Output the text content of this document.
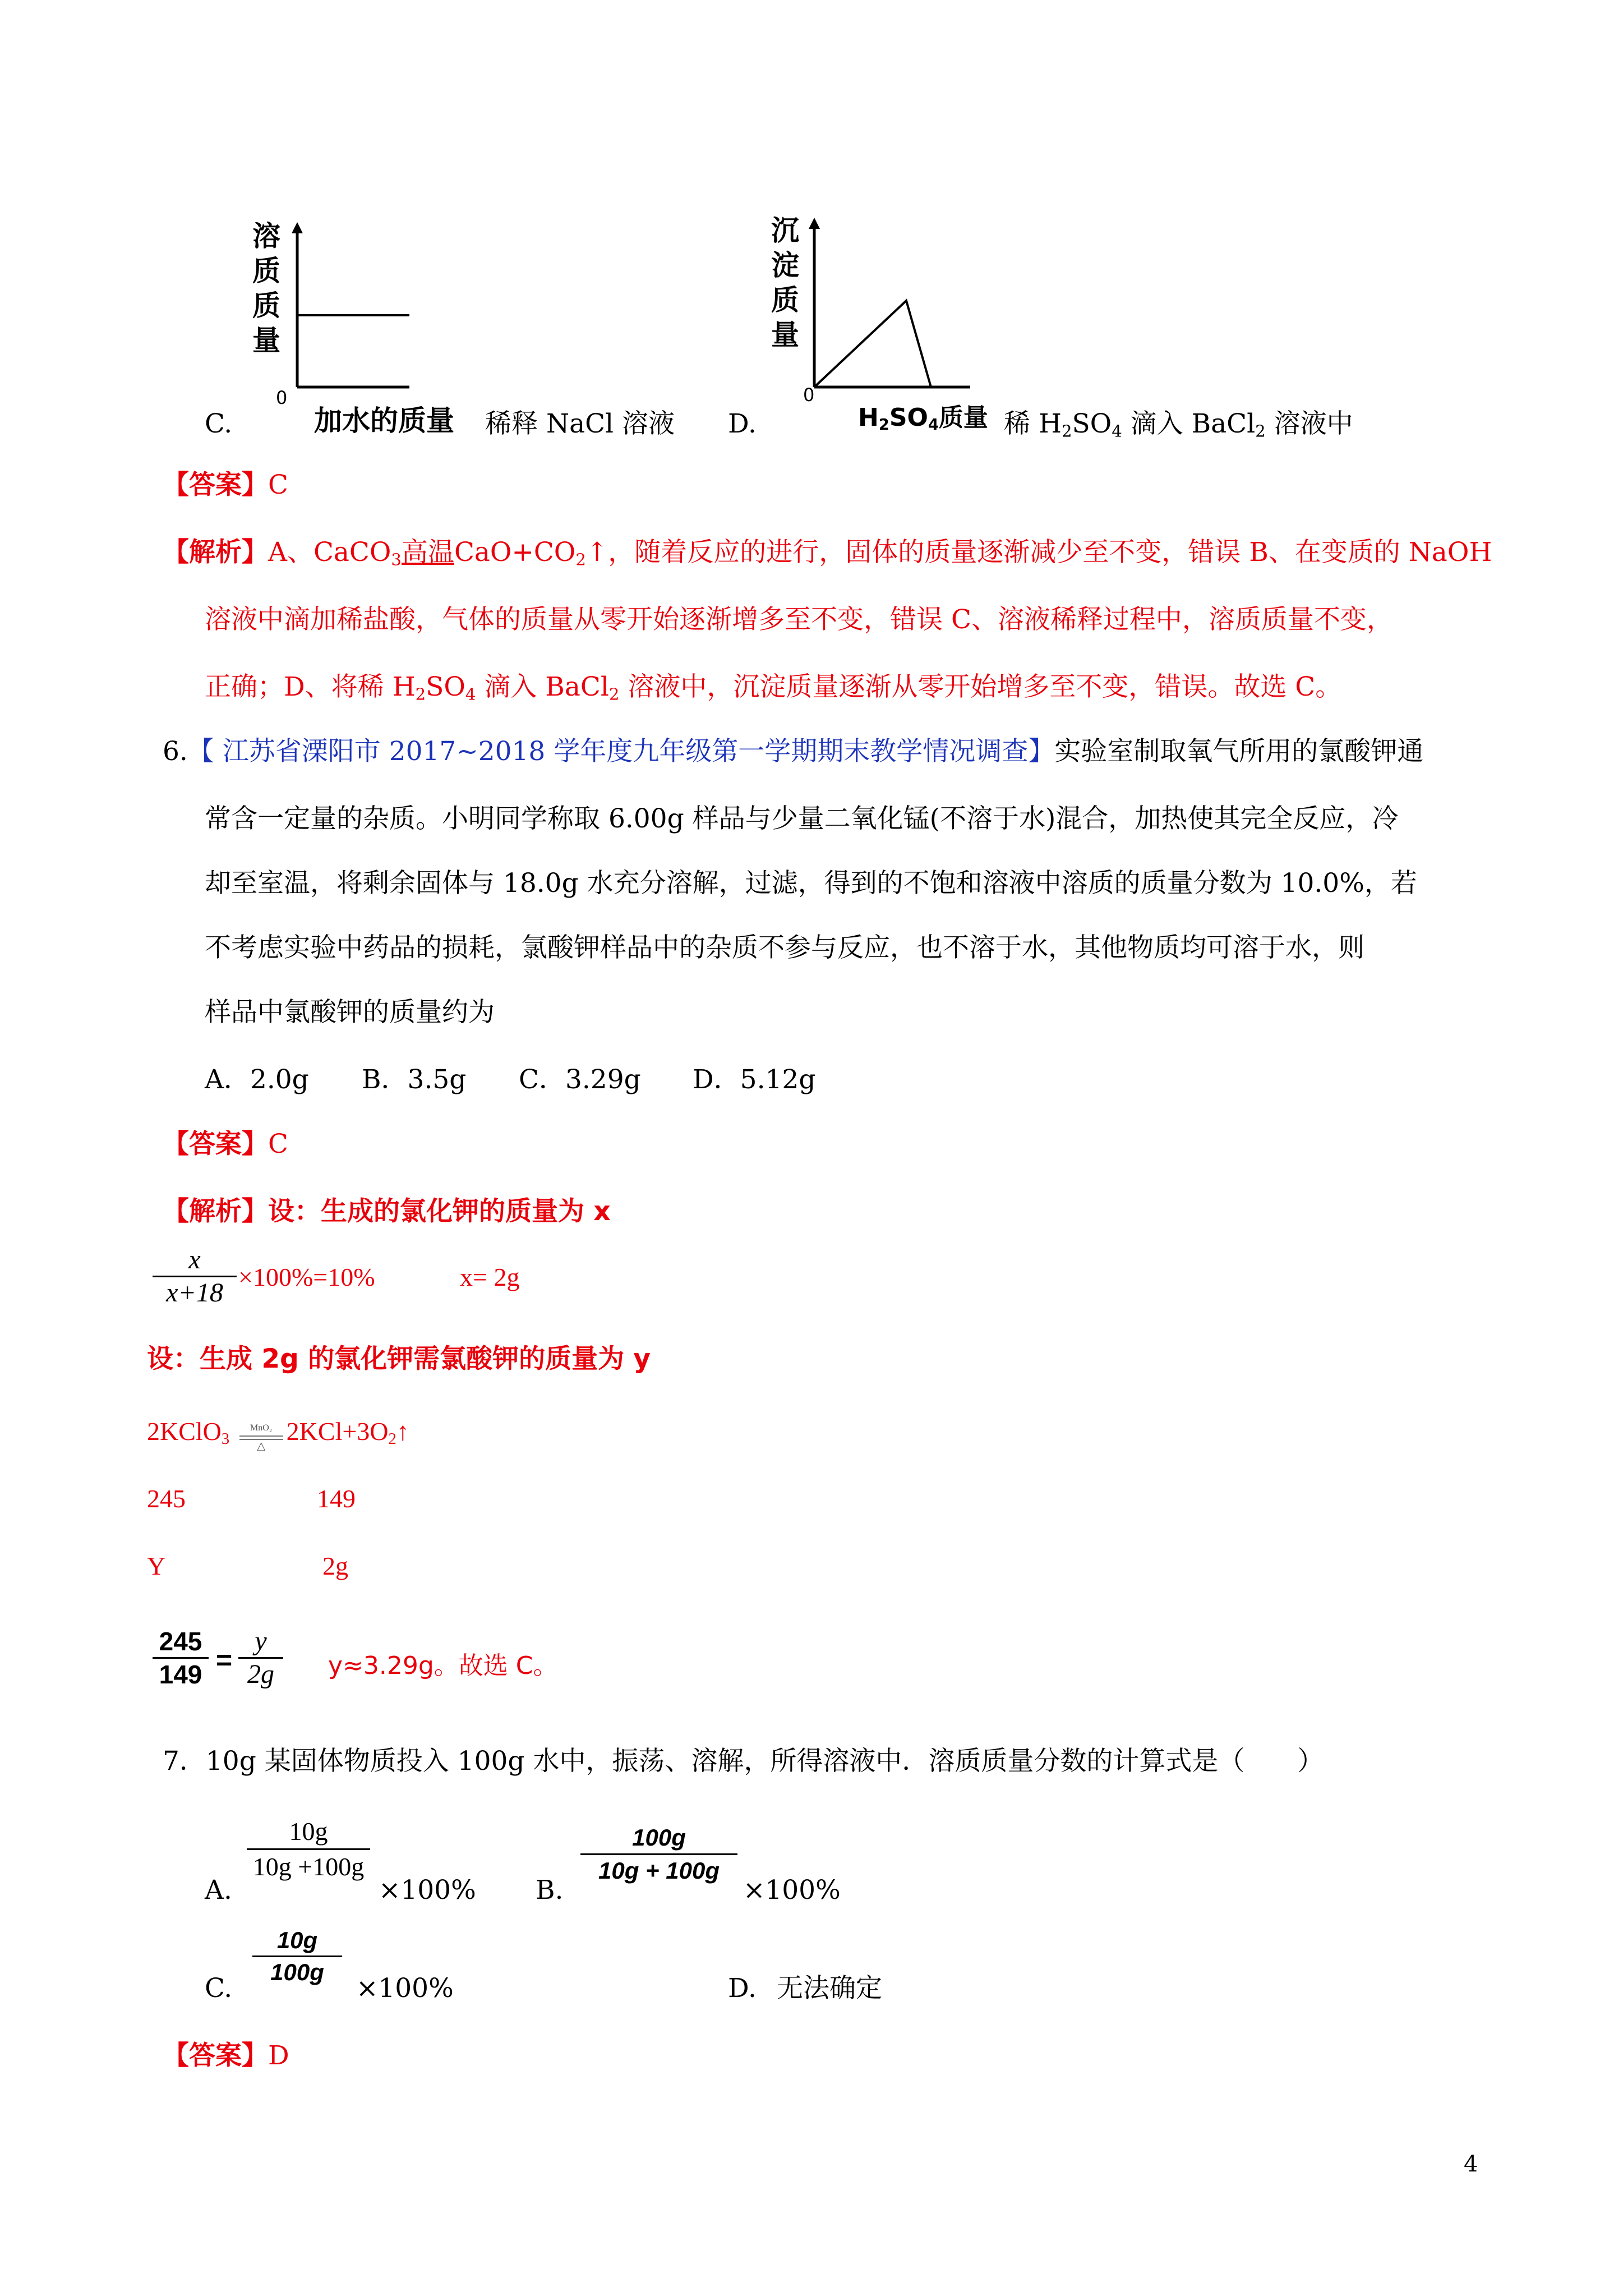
溶
质
质
量
0
加水的质量
C.	稀释 NaCl 溶液
沉
淀
质
量
0
$H_2SO_4$质量
D.	稀 $H_2SO_4$ 滴入 BaCl$_2$ 溶液中
【答案】C
【解析】A、CaCO$_3$高温$CaO+CO_2↑$，随着反应的进行，固体的质量逐渐减少至不变，错误 B、在变质的 NaOH
溶液中滴加稀盐酸，气体的质量从零开始逐渐增多至不变，错误 C、溶液稀释过程中，溶质质量不变，
正确；D、将稀 $H_2SO_4$ 滴入 BaCl$_2$ 溶液中，沉淀质量逐渐从零开始增多至不变，错误。故选 C。
6.【 江苏省溧阳市 2017~2018 学年度九年级第一学期期末教学情况调查】实验室制取氧气所用的氯酸钾通
常含一定量的杂质。小明同学称取 6.00g 样品与少量二氧化锰(不溶于水)混合，加热使其完全反应，冷
却至室温，将剩余固体与 18.0g 水充分溶解，过滤，得到的不饱和溶液中溶质的质量分数为 10.0%，若
不考虑实验中药品的损耗，氯酸钾样品中的杂质不参与反应，也不溶于水，其他物质均可溶于水，则
样品中氯酸钾的质量约为
A．2.0g B．3.5g C．3.29g D．5.12g
【答案】C
【解析】设：生成的氯化钾的质量为 x
x
x+18
×100%=10%	x= 2g
设：生成 2g 的氯化钾需氯酸钾的质量为 y
2KClO$_3$
MnO₂
△
$2KCl+3O_2↑$
245	149
Y	2g
245
149 =
y
2g	y≈3.29g。故选 C。
7．10g 某固体物质投入 100g 水中，振荡、溶解，所得溶液中．溶质质量分数的计算式是（　　）
A.
10g
10g +100g
×100% B.
100g
10g + 100g
×100%
C.
10g
100g
×100%	D. 无法确定
【答案】D
4
